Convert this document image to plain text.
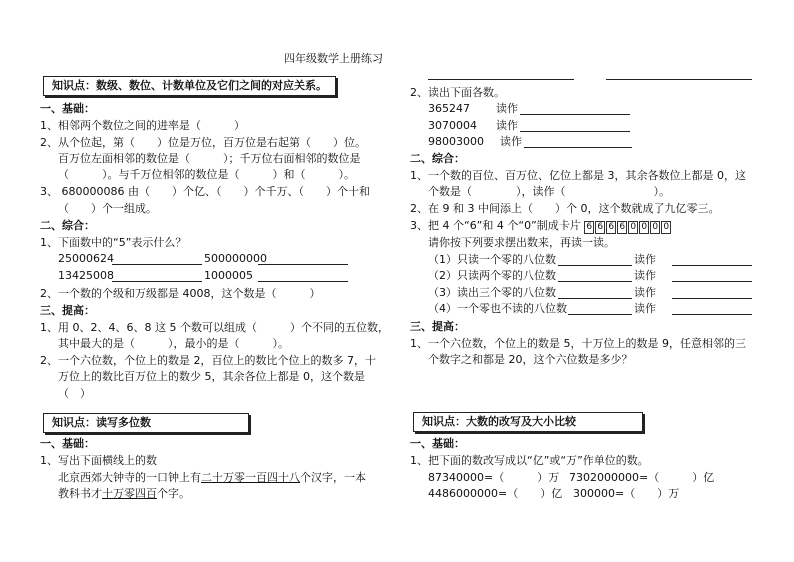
四年级数学上册练习
知识点：数级、数位、计数单位及它们之间的对应关系。
一、基础：
1、相邻两个数位之间的进率是（　　　）
2、从个位起，第（　　）位是万位，百万位是右起第（　　）位。
百万位左面相邻的数位是（　　　）；千万位右面相邻的数位是
（　　　）。与千万位相邻的数位是（　　　）和（　　　）。
3、 680000086 由（　　）个亿、（　　）个千万、（　　）个十和
（　　）个一组成。
二、综合：
1、下面数中的“5”表示什么？
25000624	500000000
13425008	1000005
2、一个数的个级和万级都是 4008，这个数是（　　　）
三、提高：
1、用 0、2、4、6、8 这 5 个数可以组成（　　　）个不同的五位数，
其中最大的是（　　　），最小的是（　　　）。
2、一个六位数，个位上的数是 2，百位上的数比个位上的数多 7，十
万位上的数比百万位上的数少 5，其余各位上都是 0，这个数是
（　）
知识点：读写多位数
一、基础：
1、写出下面横线上的数
北京西郊大钟寺的一口钟上有二十万零一百四十八个汉字，一本
教科书才十万零四百个字。
2、读出下面各数。
365247 读作
3070004 读作
98003000 读作
二、综合：
1、一个数的百位、百万位、亿位上都是 3，其余各数位上都是 0，这
个数是（　　　　），读作（　　　　　　　　）。
2、在 9 和 3 中间添上（　　）个 0，这个数就成了九亿零三。
3、把 4 个“6”和 4 个“0”制成卡片 6 6 6 6 0 0 0 0
请你按下列要求摆出数来，再读一读。
（1）只读一个零的八位数	读作
（2）只读两个零的八位数	读作
（3）读出三个零的八位数	读作
（4）一个零也不读的八位数	读作
三、提高：
1、一个六位数，个位上的数是 5，十万位上的数是 9，任意相邻的三
个数字之和都是 20，这个六位数是多少？
知识点：大数的改写及大小比较
一、基础：
1、把下面的数改写成以“亿”或“万”作单位的数。
87340000=（　　　）万 7302000000=（　　　）亿
4486000000=（　　）亿 300000=（　　）万
